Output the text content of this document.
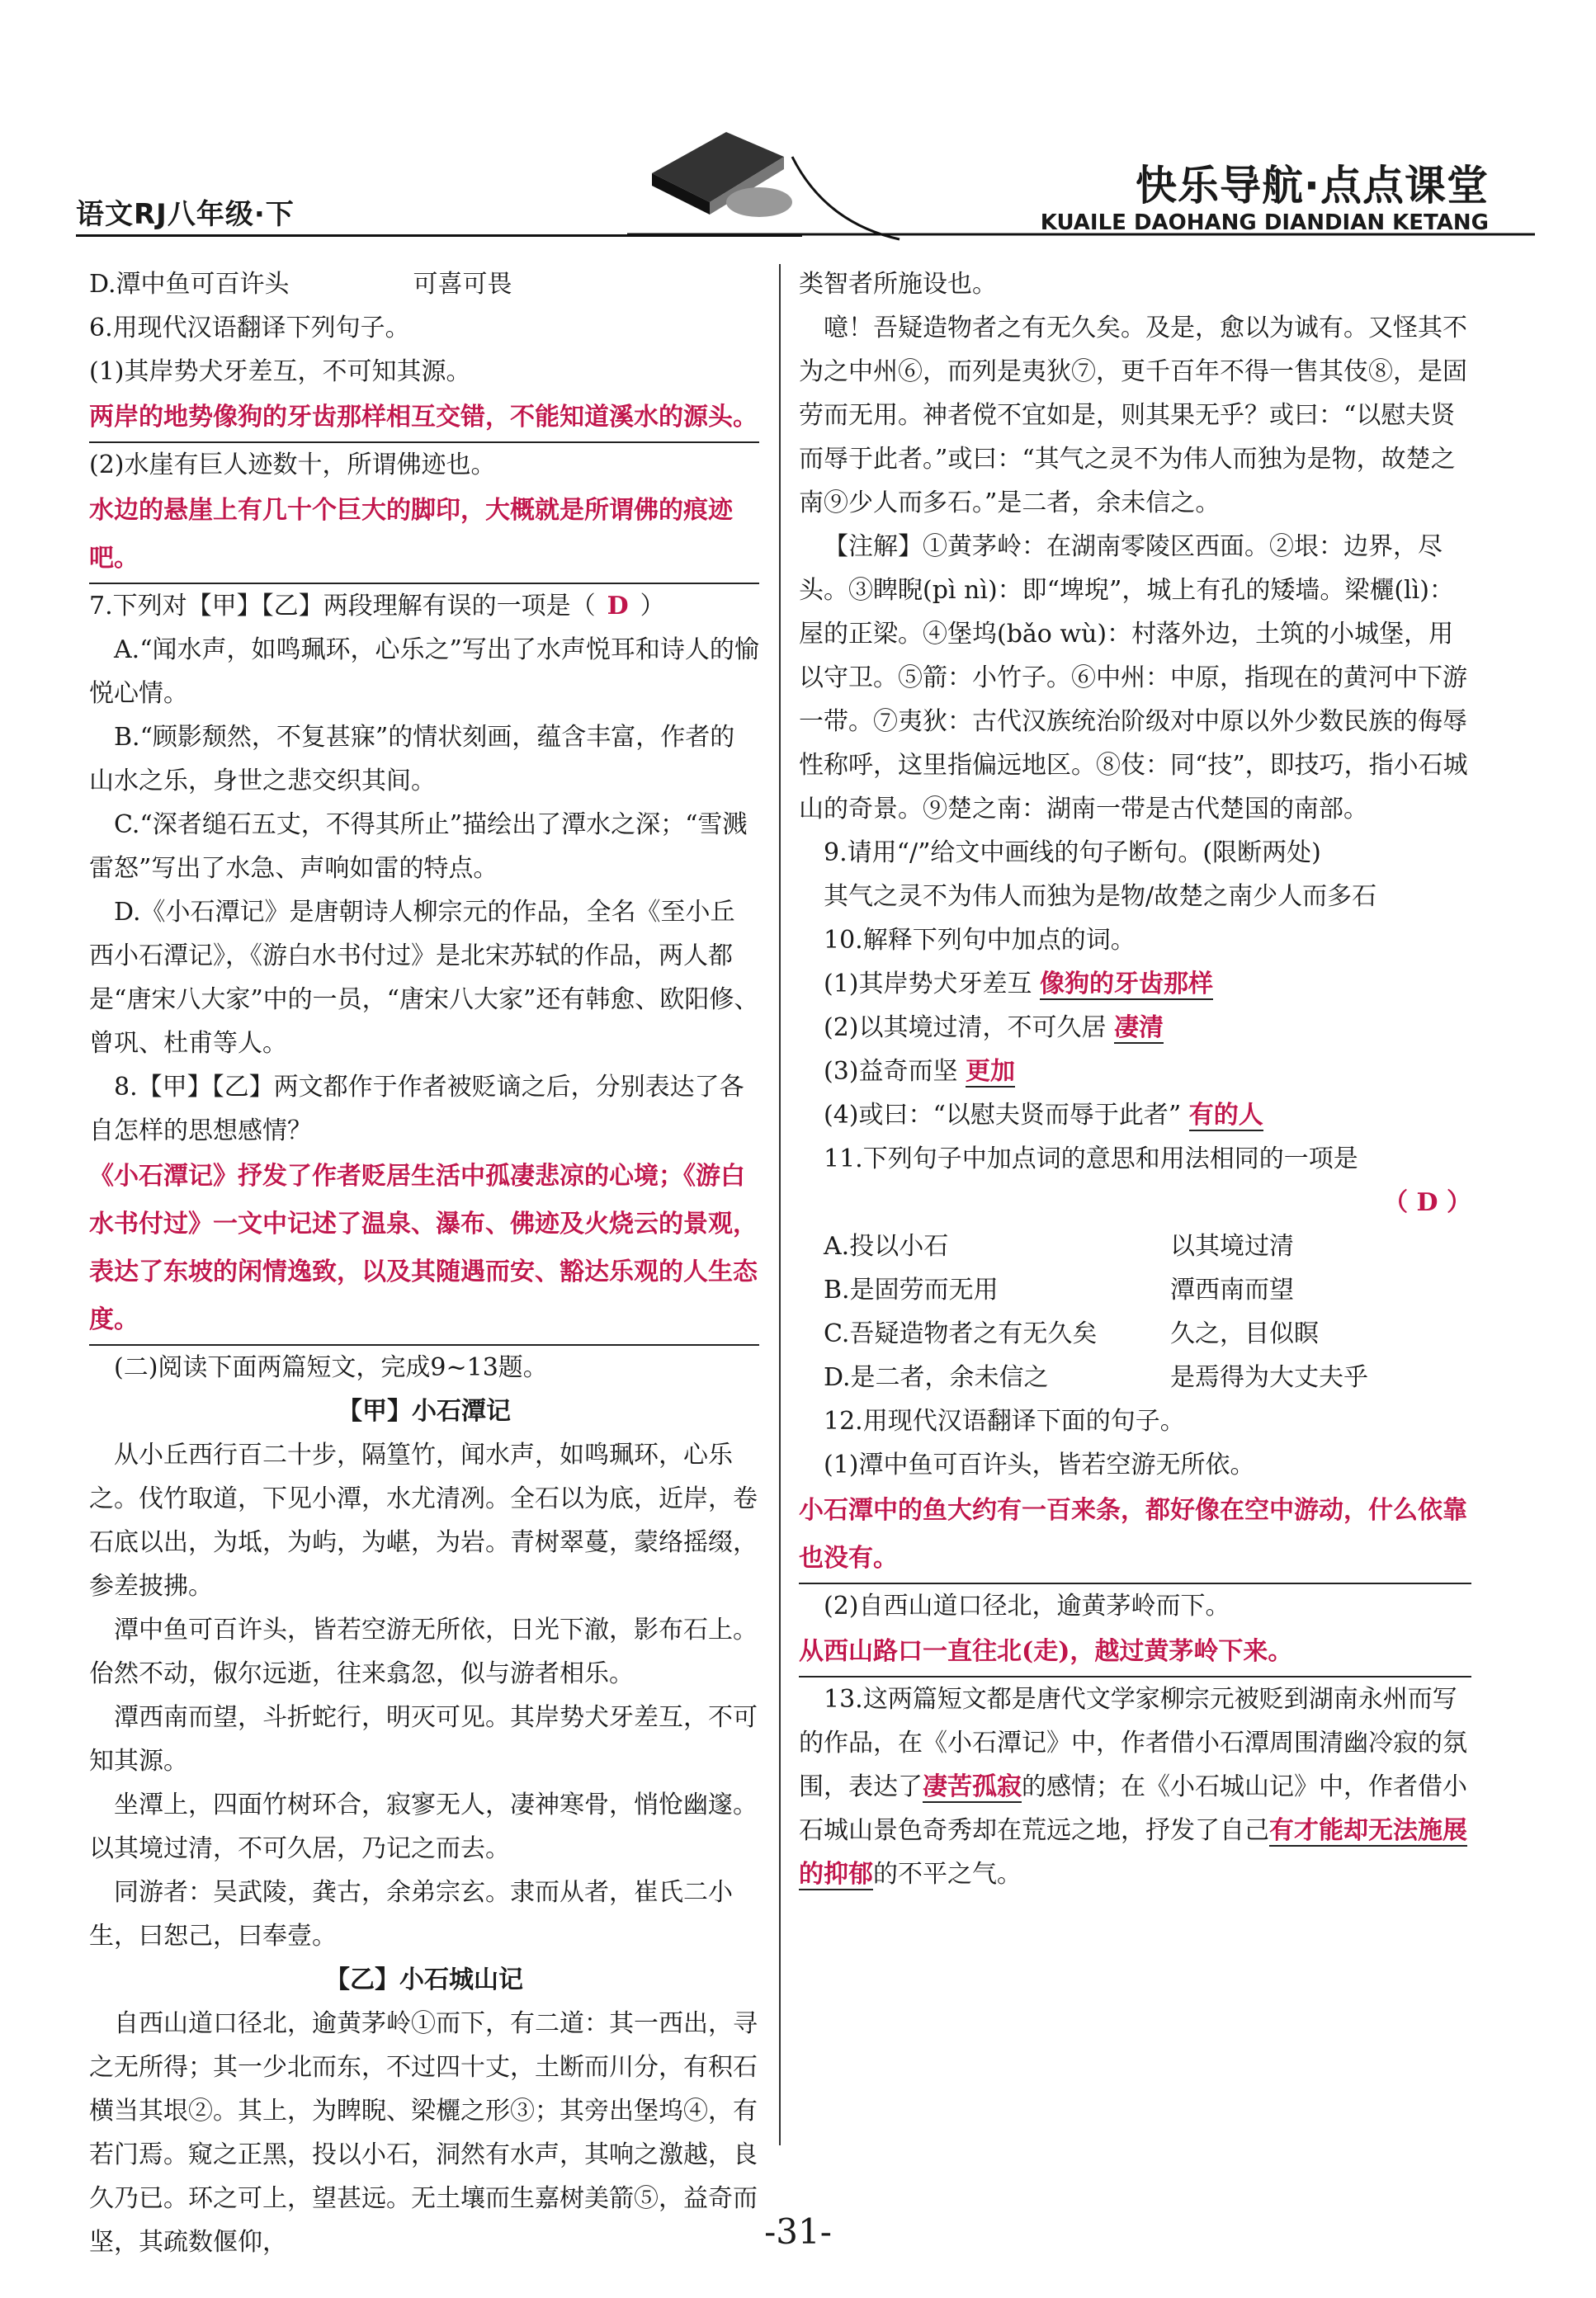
语文RJ八年级·下
快乐导航·点点课堂
KUAILE DAOHANG DIANDIAN KETANG

D.潭中鱼可百许头	可喜可畏

6.用现代汉语翻译下列句子。

(1)其岸势犬牙差互，不可知其源。

两岸的地势像狗的牙齿那样相互交错，不能知道溪水的源头。

(2)水崖有巨人迹数十，所谓佛迹也。

水边的悬崖上有几十个巨大的脚印，大概就是所谓佛的痕迹吧。

7.下列对【甲】【乙】两段理解有误的一项是（ D ）

A.“闻水声，如鸣珮环，心乐之”写出了水声悦耳和诗人的愉悦心情。

B.“顾影颓然，不复甚寐”的情状刻画，蕴含丰富，作者的山水之乐，身世之悲交织其间。

C.“深者缒石五丈，不得其所止”描绘出了潭水之深；“雪溅雷怒”写出了水急、声响如雷的特点。

D.《小石潭记》是唐朝诗人柳宗元的作品，全名《至小丘西小石潭记》，《游白水书付过》是北宋苏轼的作品，两人都是“唐宋八大家”中的一员，“唐宋八大家”还有韩愈、欧阳修、曾巩、杜甫等人。

8.【甲】【乙】两文都作于作者被贬谪之后，分别表达了各自怎样的思想感情？

《小石潭记》抒发了作者贬居生活中孤凄悲凉的心境；《游白水书付过》一文中记述了温泉、瀑布、佛迹及火烧云的景观，表达了东坡的闲情逸致，以及其随遇而安、豁达乐观的人生态度。

(二)阅读下面两篇短文，完成9~13题。

【甲】小石潭记

从小丘西行百二十步，隔篁竹，闻水声，如鸣珮环，心乐之。伐竹取道，下见小潭，水尤清冽。全石以为底，近岸，卷石底以出，为坻，为屿，为嵁，为岩。青树翠蔓，蒙络摇缀，参差披拂。

潭中鱼可百许头，皆若空游无所依，日光下澈，影布石上。佁然不动，俶尔远逝，往来翕忽，似与游者相乐。

潭西南而望，斗折蛇行，明灭可见。其岸势犬牙差互，不可知其源。

坐潭上，四面竹树环合，寂寥无人，凄神寒骨，悄怆幽邃。以其境过清，不可久居，乃记之而去。

同游者：吴武陵，龚古，余弟宗玄。隶而从者，崔氏二小生，曰恕己，曰奉壹。

【乙】小石城山记

自西山道口径北，逾黄茅岭①而下，有二道：其一西出，寻之无所得；其一少北而东，不过四十丈，土断而川分，有积石横当其垠②。其上，为睥睨、梁欐之形③；其旁出堡坞④，有若门焉。窥之正黑，投以小石，洞然有水声，其响之激越，良久乃已。环之可上，望甚远。无土壤而生嘉树美箭⑤，益奇而坚，其疏数偃仰，

类智者所施设也。

噫！吾疑造物者之有无久矣。及是，愈以为诚有。又怪其不为之中州⑥，而列是夷狄⑦，更千百年不得一售其伎⑧，是固劳而无用。神者傥不宜如是，则其果无乎？或曰：“以慰夫贤而辱于此者。”或曰：“其气之灵不为伟人而独为是物，故楚之南⑨少人而多石。”是二者，余未信之。

【注解】①黄茅岭：在湖南零陵区西面。②垠：边界，尽头。③睥睨(pì nì)：即“埤堄”，城上有孔的矮墙。梁欐(lì)：屋的正梁。④堡坞(bǎo wù)：村落外边，土筑的小城堡，用以守卫。⑤箭：小竹子。⑥中州：中原，指现在的黄河中下游一带。⑦夷狄：古代汉族统治阶级对中原以外少数民族的侮辱性称呼，这里指偏远地区。⑧伎：同“技”，即技巧，指小石城山的奇景。⑨楚之南：湖南一带是古代楚国的南部。

9.请用“/”给文中画线的句子断句。(限断两处)

其气之灵不为伟人而独为是物/故楚之南少人而多石

10.解释下列句中加点的词。

(1)其岸势犬牙差互 像狗的牙齿那样

(2)以其境过清，不可久居 凄清

(3)益奇而坚 更加

(4)或曰：“以慰夫贤而辱于此者” 有的人

11.下列句子中加点词的意思和用法相同的一项是

（ D ）

A.投以小石	以其境过清
B.是固劳而无用	潭西南而望
C.吾疑造物者之有无久矣	久之，目似瞑
D.是二者，余未信之	是焉得为大丈夫乎

12.用现代汉语翻译下面的句子。

(1)潭中鱼可百许头，皆若空游无所依。

小石潭中的鱼大约有一百来条，都好像在空中游动，什么依靠也没有。

(2)自西山道口径北，逾黄茅岭而下。

从西山路口一直往北(走)，越过黄茅岭下来。

13.这两篇短文都是唐代文学家柳宗元被贬到湖南永州而写的作品，在《小石潭记》中，作者借小石潭周围清幽冷寂的氛围，表达了凄苦孤寂的感情；在《小石城山记》中，作者借小石城山景色奇秀却在荒远之地，抒发了自己有才能却无法施展的抑郁的不平之气。

-31-
